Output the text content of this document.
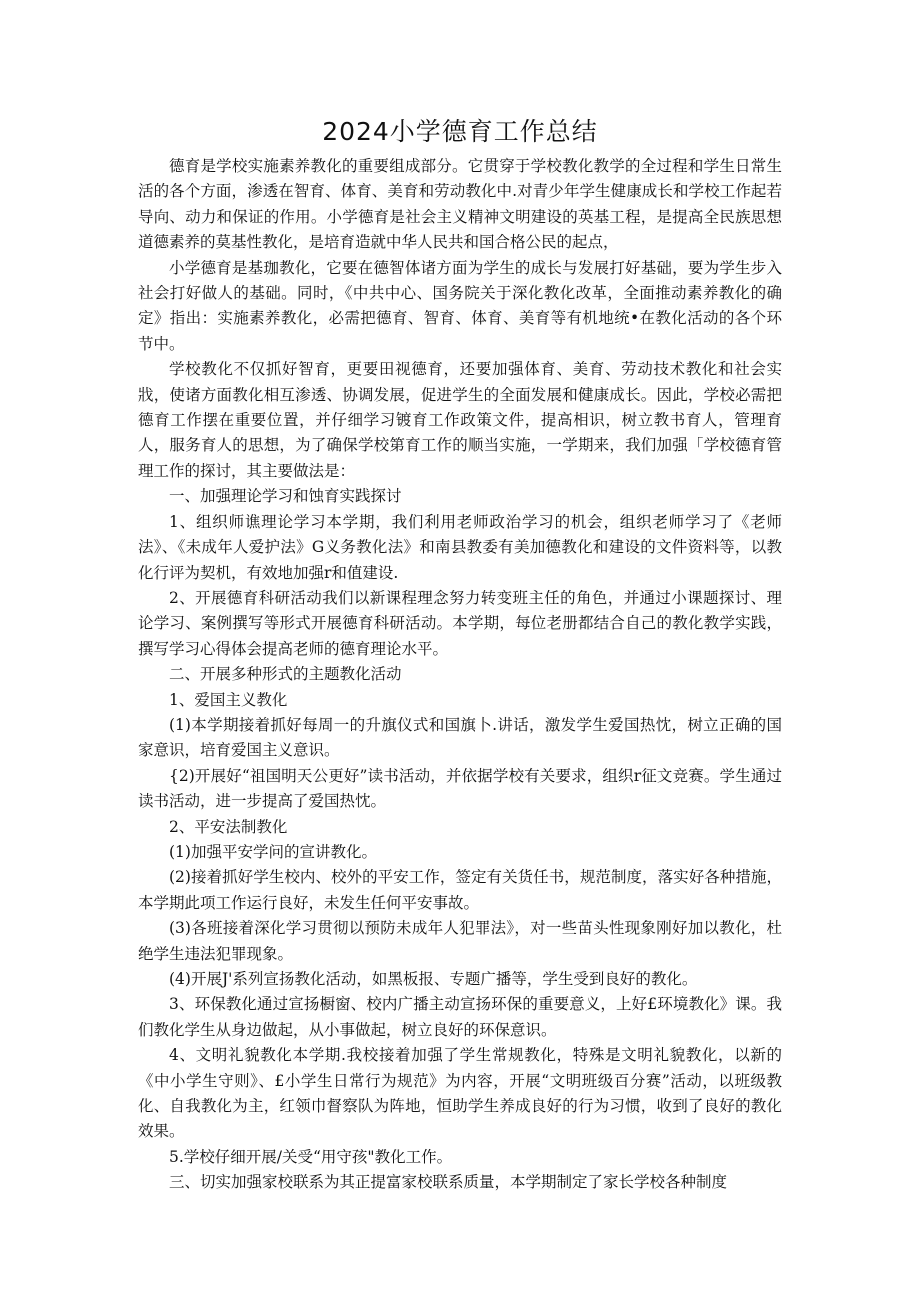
2024小学德育工作总结

德育是学校实施素养教化的重要组成部分。它贯穿于学校教化教学的全过程和学生日常生活的各个方面，渗透在智育、体育、美育和劳动教化中.对青少年学生健康成长和学校工作起若导向、动力和保证的作用。小学德育是社会主义精神文明建设的英基工程，是提高全民族思想道德素养的莫基性教化，是培育造就中华人民共和国合格公民的起点，

小学德育是基珈教化，它要在德智体诸方面为学生的成长与发展打好基础，要为学生步入社会打好做人的基础。同时，《中共中心、国务院关于深化教化改革，全面推动素养教化的确定》指出：实施素养教化，必需把德育、智育、体育、美育等有机地统•在教化活动的各个环节中。

学校教化不仅抓好智育，更要田视德育，还要加强体育、美育、劳动技术教化和社会实戕，使诸方面教化相互渗透、协调发展，促进学生的全面发展和健康成长。因此，学校必需把德育工作摆在重要位置，并仔细学习镀育工作政策文件，提高相识，树立教书育人，管理育人，服务育人的思想，为了确保学校第育工作的顺当实施，一学期来，我们加强「学校德育管理工作的探讨，其主要做法是：

一、加强理论学习和蚀育实践探讨

1、组织师谯理论学习本学期，我们利用老师政治学习的机会，组织老师学习了《老师法》、《未成年人爱护法》G义务教化法》和南县教委有美加德教化和建设的文件资料等，以教化行评为契机，有效地加强r和值建设.

2、开展德育科研活动我们以新课程理念努力转变班主任的角色，并通过小课题探讨、理论学习、案例撰写等形式开展德育科研活动。本学期，每位老册都结合自己的教化教学实践，撰写学习心得体会提高老师的德育理论水平。

二、开展多种形式的主题教化活动

1、爱国主义教化

(1)本学期接着抓好每周一的升旗仪式和国旗卜.讲话，激发学生爱国热忱，树立正确的国家意识，培育爱国主义意识。

{2)开展好“祖国明天公更好”读书活动，并依据学校有关要求，组织r征文竞赛。学生通过读书活动，进一步提高了爱国热忱。

2、平安法制教化

(1)加强平安学问的宣讲教化。

(2)接着抓好学生校内、校外的平安工作，签定有关货任书，规范制度，落实好各种措施，本学期此项工作运行良好，未发生任何平安事故。

(3)各班接着深化学习贯彻以预防未成年人犯罪法》，对一些苗头性现象刚好加以教化，杜绝学生违法犯罪现象。

(4)开展J'系列宣扬教化活动，如黑板报、专题广播等，学生受到良好的教化。

3、环保教化通过宣扬橱窗、校内广播主动宣扬环保的重要意义，上好£环境教化》课。我们教化学生从身边做起，从小事做起，树立良好的环保意识。

4、文明礼貌教化本学期.我校接着加强了学生常规教化，特殊是文明礼貌教化，以新的《中小学生守则》、£小学生日常行为规范》为内容，开展“文明班级百分赛”活动，以班级教化、自我教化为主，红领巾督察队为阵地，恒助学生养成良好的行为习惯，收到了良好的教化效果。

5.学校仔细开展/关受“用守孩"教化工作。

三、切实加强家校联系为其正提富家校联系质量，本学期制定了家长学校各种制度
